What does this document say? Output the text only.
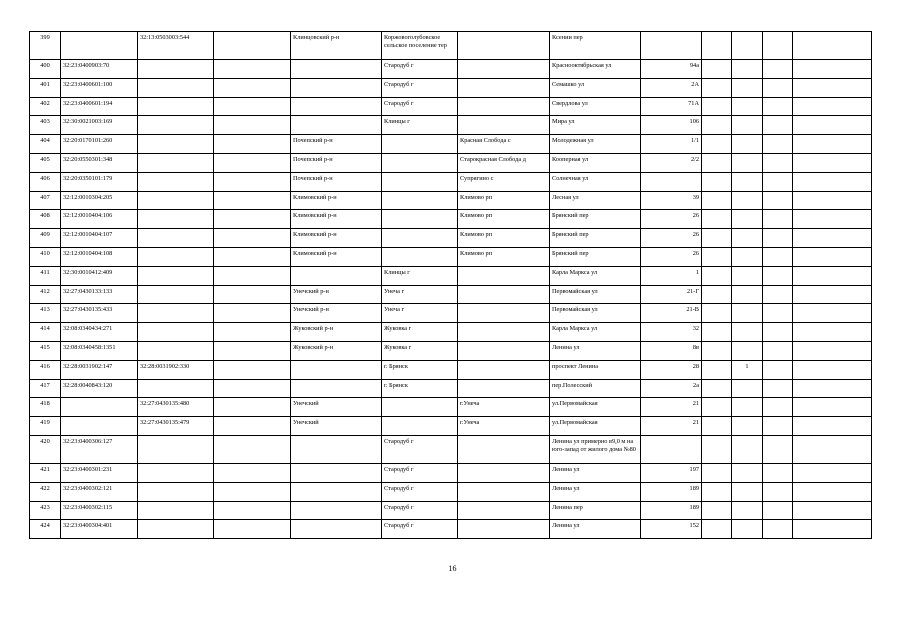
399		32:13:0503003:544		Клинцовский р-н	Коржовоголубовское сельское поселение тер		Ксении пер					
400	32:23:0400903:70				Стародуб г		Краснооктябрьская ул	94а				
401	32:23:0400601:100				Стародуб г		Семашко ул	2А				
402	32:23:0400601:194				Стародуб г		Свердлова ул	71А				
403	32:30:0021003:169				Клинцы г		Мира ул	106				
404	32:20:0170101:260			Почепский р-н		Красная Слобода с	Молодежная ул	1/1				
405	32:20:0550301:348			Почепский р-н		Старокрасная Слобода д	Кооперная ул	2/2				
406	32:20:0350101:179			Почепский р-н		Супрягино с	Солнечная ул					
407	32:12:0010304:205			Климовский р-н		Климово рп	Лесная ул	39				
408	32:12:0010404:106			Климовский р-н		Климово рп	Брянский пер	26				
409	32:12:0010404:107			Климовский р-н		Климово рп	Брянский пер	26				
410	32:12:0010404:108			Климовский р-н		Климово рп	Брянский пер	26				
411	32:30:0010412:409				Клинцы г		Карла Маркса ул	1				
412	32:27:0430133:133			Унечский р-н	Унеча г		Первомайская ул	21-Г				
413	32:27:0430135:433			Унечский р-н	Унеча г		Первомайская ул	21-В				
414	32:08:0340434:271			Жуковский р-н	Жуковка г		Карла Маркса ул	32				
415	32:08:0340458:1351			Жуковский р-н	Жуковка г		Ленина ул	8в				
416	32:28:0031902:147	32:28:0031902:330			г. Брянск		проспект Ленина	28		1		
417	32:28:0040843:120				г. Брянск		пер.Полесский	2а				
418		32:27:0430135:480		Унечский		г.Унеча	ул.Первомайская	21				
419		32:27:0430135:479		Унечский		г.Унеча	ул.Первомайская	21				
420	32:23:0400306:127				Стародуб г		Ленина ул примерно в9,0 м на юго-запад от жилого дома №80					
421	32:23:0400301:231				Стародуб г		Ленина ул	197				
422	32:23:0400302:121				Стародуб г		Ленина ул	189				
423	32:23:0400302:115				Стародуб г		Ленина пер	189				
424	32:23:0400304:401				Стародуб г		Ленина ул	152				
16
